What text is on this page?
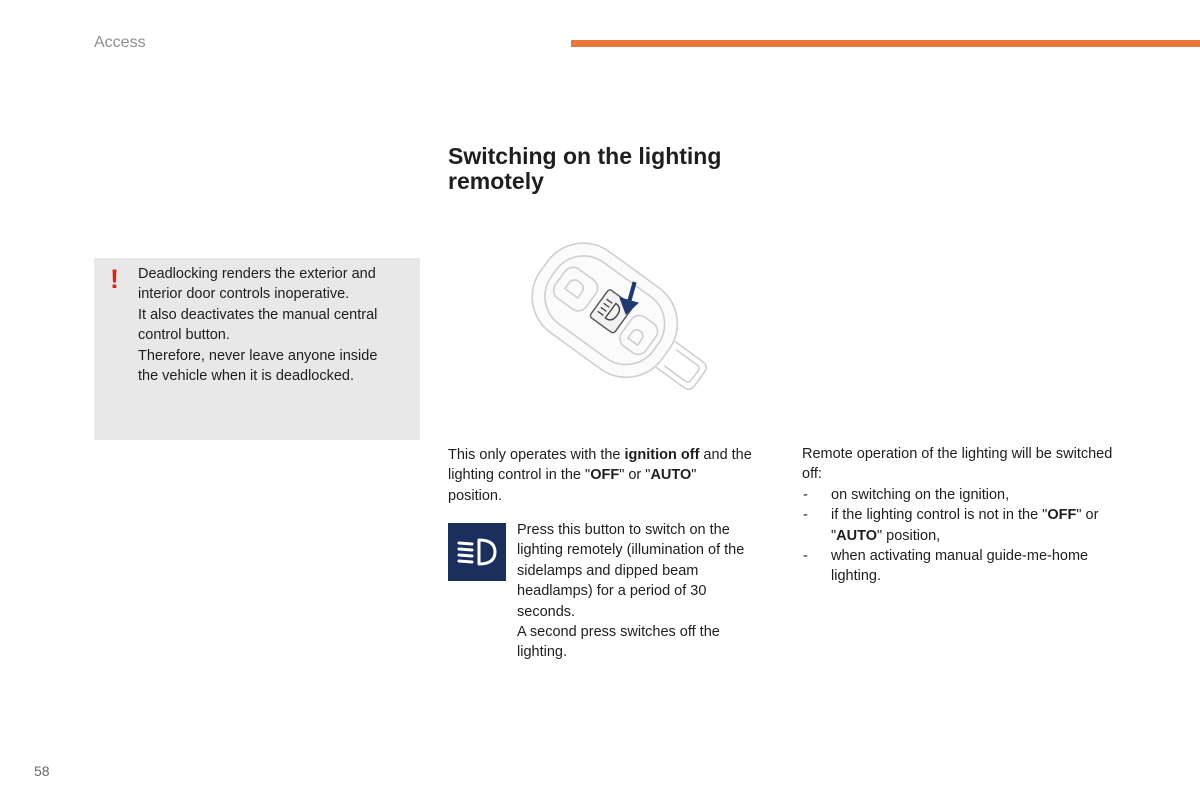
Access

Deadlocking renders the exterior and interior door controls inoperative.

It also deactivates the manual central control button.

Therefore, never leave anyone inside the vehicle when it is deadlocked.

!
Switching on the lighting remotely

This only operates with the ignition off and the lighting control in the "OFF" or "AUTO" position.

Press this button to switch on the lighting remotely (illumination of the sidelamps and dipped beam headlamps) for a period of 30 seconds.

A second press switches off the lighting.

Remote operation of the lighting will be switched off:

- on switching on the ignition,
- if the lighting control is not in the "OFF" or "AUTO" position,
- when activating manual guide-me-home lighting.
58
